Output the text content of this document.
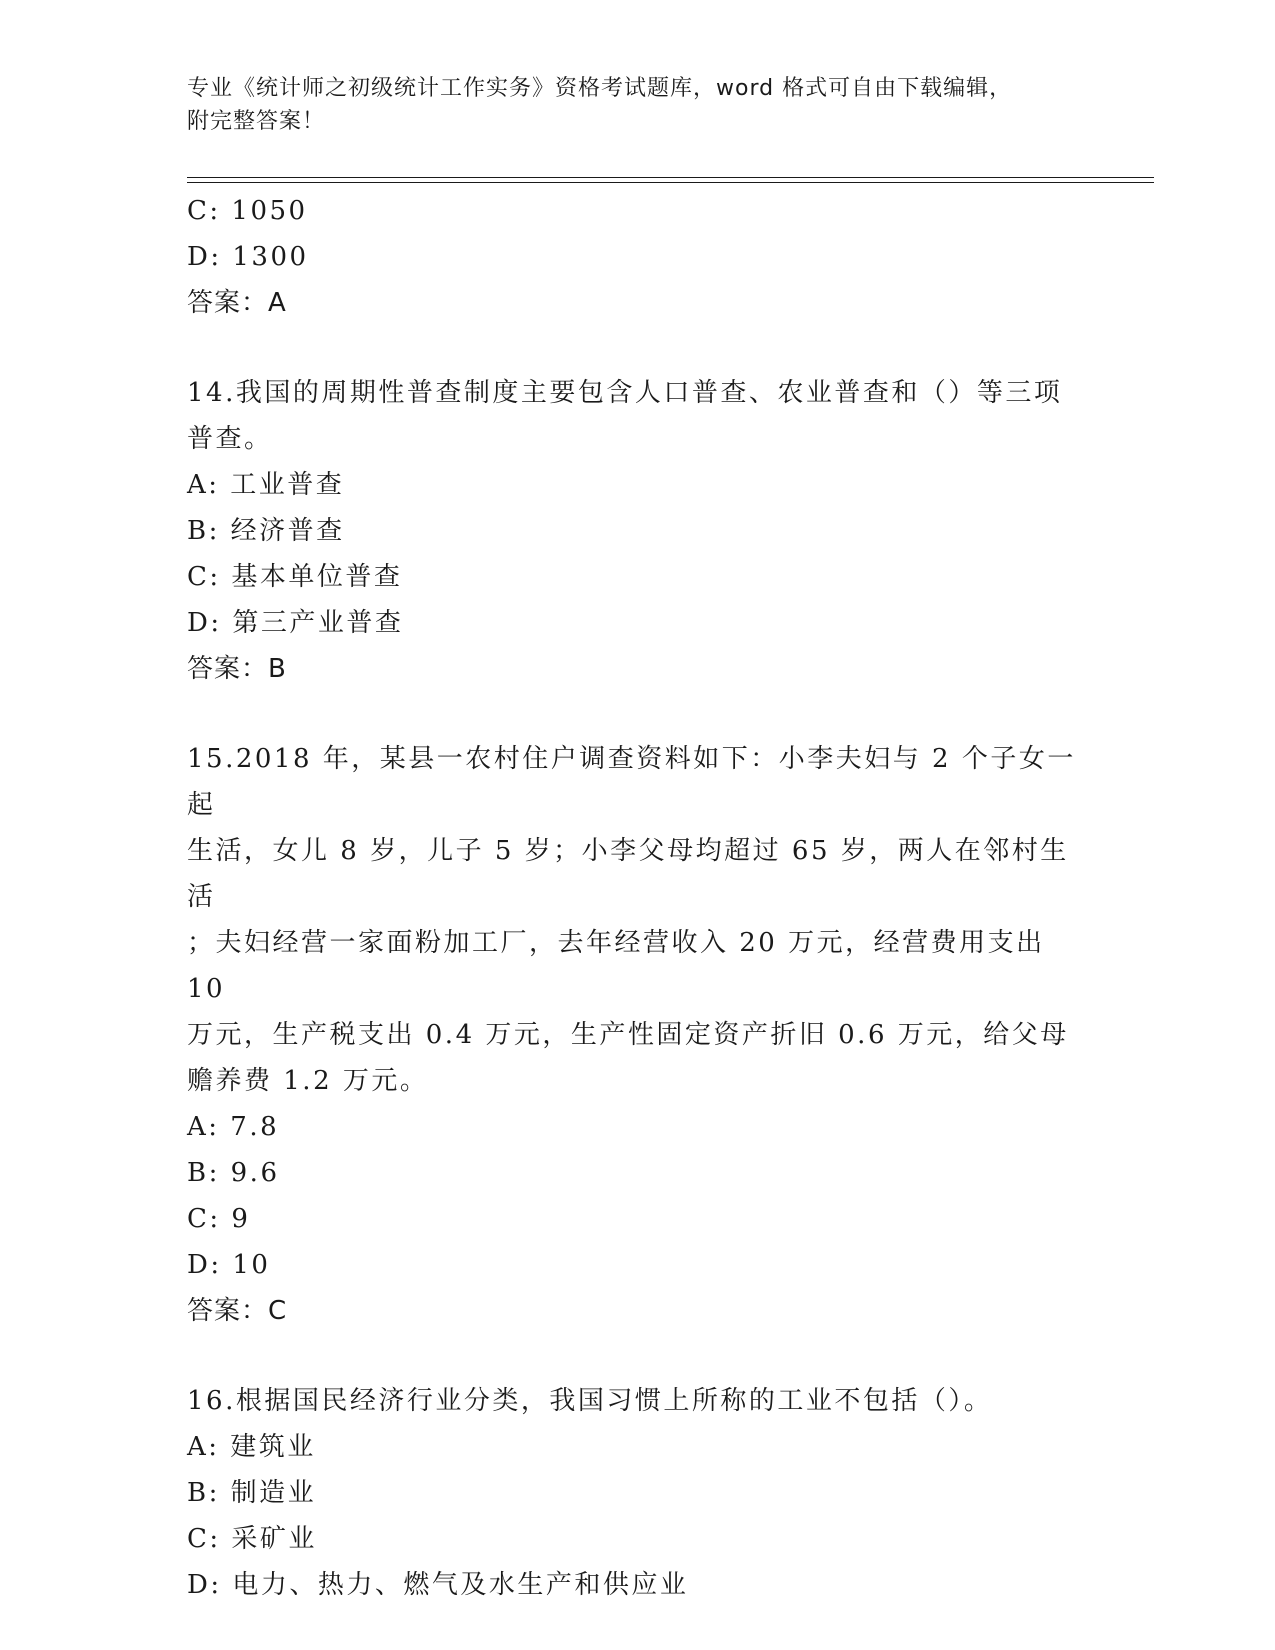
专业《统计师之初级统计工作实务》资格考试题库，word 格式可自由下载编辑，
附完整答案！
C: 1050
D: 1300
答案：A
14.我国的周期性普查制度主要包含人口普查、农业普查和（）等三项
普查。
A: 工业普查
B: 经济普查
C: 基本单位普查
D: 第三产业普查
答案：B
15.2018 年，某县一农村住户调查资料如下：小李夫妇与 2 个子女一起
生活，女儿 8 岁，儿子 5 岁；小李父母均超过 65 岁，两人在邻村生活
；夫妇经营一家面粉加工厂，去年经营收入 20 万元，经营费用支出 10
万元，生产税支出 0.4 万元，生产性固定资产折旧 0.6 万元，给父母
赡养费 1.2 万元。
A: 7.8
B: 9.6
C: 9
D: 10
答案：C
16.根据国民经济行业分类，我国习惯上所称的工业不包括（）。
A: 建筑业
B: 制造业
C: 采矿业
D: 电力、热力、燃气及水生产和供应业
